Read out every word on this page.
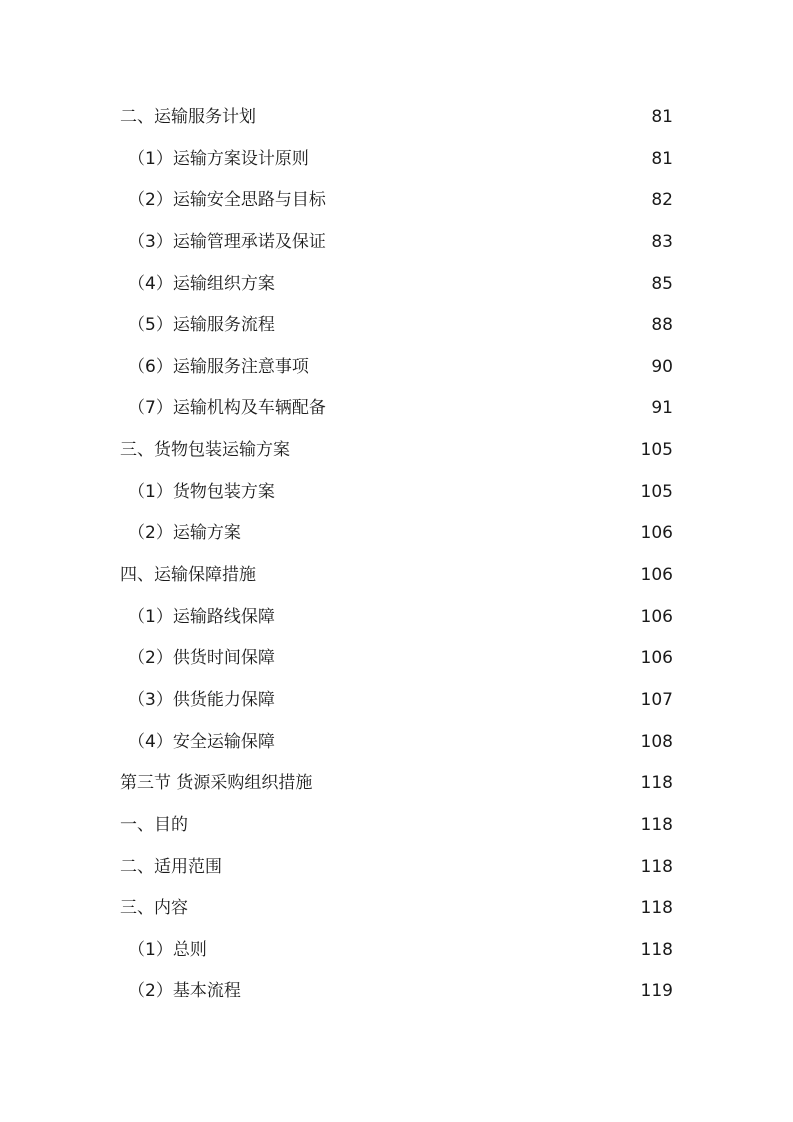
二、运输服务计划	81
（1）运输方案设计原则	81
（2）运输安全思路与目标	82
（3）运输管理承诺及保证	83
（4）运输组织方案	85
（5）运输服务流程	88
（6）运输服务注意事项	90
（7）运输机构及车辆配备	91
三、货物包装运输方案	105
（1）货物包装方案	105
（2）运输方案	106
四、运输保障措施	106
（1）运输路线保障	106
（2）供货时间保障	106
（3）供货能力保障	107
（4）安全运输保障	108
第三节 货源采购组织措施	118
一、目的	118
二、适用范围	118
三、内容	118
（1）总则	118
（2）基本流程	119
